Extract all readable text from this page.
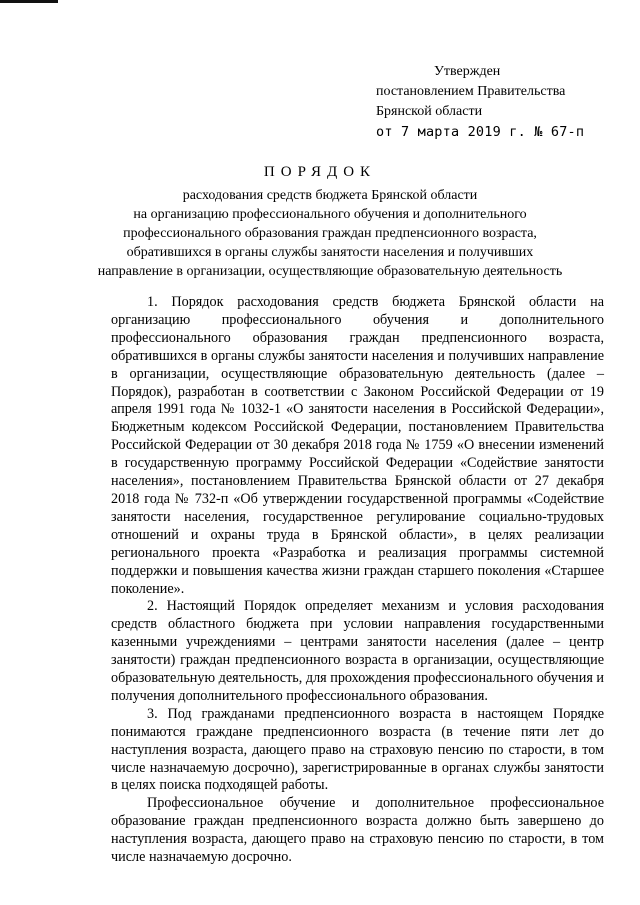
Утвержден
постановлением Правительства
Брянской области
от 7 марта 2019 г. № 67-п
ПОРЯДОК
расходования средств бюджета Брянской области
на организацию профессионального обучения и дополнительного
профессионального образования граждан предпенсионного возраста,
обратившихся в органы службы занятости населения и получивших
направление в организации, осуществляющие образовательную деятельность

1. Порядок расходования средств бюджета Брянской области на организацию профессионального обучения и дополнительного профессионального образования граждан предпенсионного возраста, обратившихся в органы службы занятости населения и получивших направление в организации, осуществляющие образовательную деятельность (далее – Порядок), разработан в соответствии с Законом Российской Федерации от 19 апреля 1991 года № 1032-1 «О занятости населения в Российской Федерации», Бюджетным кодексом Российской Федерации, постановлением Правительства Российской Федерации от 30 декабря 2018 года № 1759 «О внесении изменений в государственную программу Российской Федерации «Содействие занятости населения», постановлением Правительства Брянской области от 27 декабря 2018 года № 732-п «Об утверждении государственной программы «Содействие занятости населения, государственное регулирование социально-трудовых отношений и охраны труда в Брянской области», в целях реализации регионального проекта «Разработка и реализация программы системной поддержки и повышения качества жизни граждан старшего поколения «Старшее поколение».

2. Настоящий Порядок определяет механизм и условия расходования средств областного бюджета при условии направления государственными казенными учреждениями – центрами занятости населения (далее – центр занятости) граждан предпенсионного возраста в организации, осуществляющие образовательную деятельность, для прохождения профессионального обучения и получения дополнительного профессионального образования.

3. Под гражданами предпенсионного возраста в настоящем Порядке понимаются граждане предпенсионного возраста (в течение пяти лет до наступления возраста, дающего право на страховую пенсию по старости, в том числе назначаемую досрочно), зарегистрированные в органах службы занятости в целях поиска подходящей работы.

Профессиональное обучение и дополнительное профессиональное образование граждан предпенсионного возраста должно быть завершено до наступления возраста, дающего право на страховую пенсию по старости, в том числе назначаемую досрочно.
